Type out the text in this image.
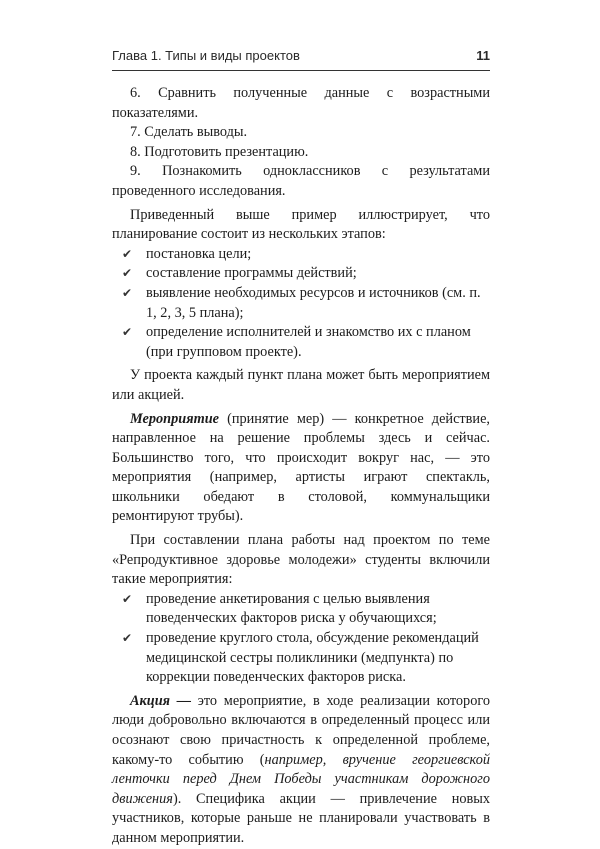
Глава 1. Типы и виды проектов	11

6. Сравнить полученные данные с возрастными показателями.

7. Сделать выводы.

8. Подготовить презентацию.

9. Познакомить одноклассников с результатами проведенного исследования.

Приведенный выше пример иллюстрирует, что планирование состоит из нескольких этапов:

✔ постановка цели;
✔ составление программы действий;
✔ выявление необходимых ресурсов и источников (см. п. 1, 2, 3, 5 плана);
✔ определение исполнителей и знакомство их с планом (при групповом проекте).

У проекта каждый пункт плана может быть мероприятием или акцией.

Мероприятие (принятие мер) — конкретное действие, направленное на решение проблемы здесь и сейчас. Большинство того, что происходит вокруг нас, — это мероприятия (например, артисты играют спектакль, школьники обедают в столовой, коммунальщики ремонтируют трубы).

При составлении плана работы над проектом по теме «Репродуктивное здоровье молодежи» студенты включили такие мероприятия:

✔ проведение анкетирования с целью выявления поведенческих факторов риска у обучающихся;
✔ проведение круглого стола, обсуждение рекомендаций медицинской сестры поликлиники (медпункта) по коррекции поведенческих факторов риска.

Акция — это мероприятие, в ходе реализации которого люди добровольно включаются в определенный процесс или осознают свою причастность к определенной проблеме, какому-то событию (например, вручение георгиевской ленточки перед Днем Победы участникам дорожного движения). Специфика акции — привлечение новых участников, которые раньше не планировали участвовать в данном мероприятии.
